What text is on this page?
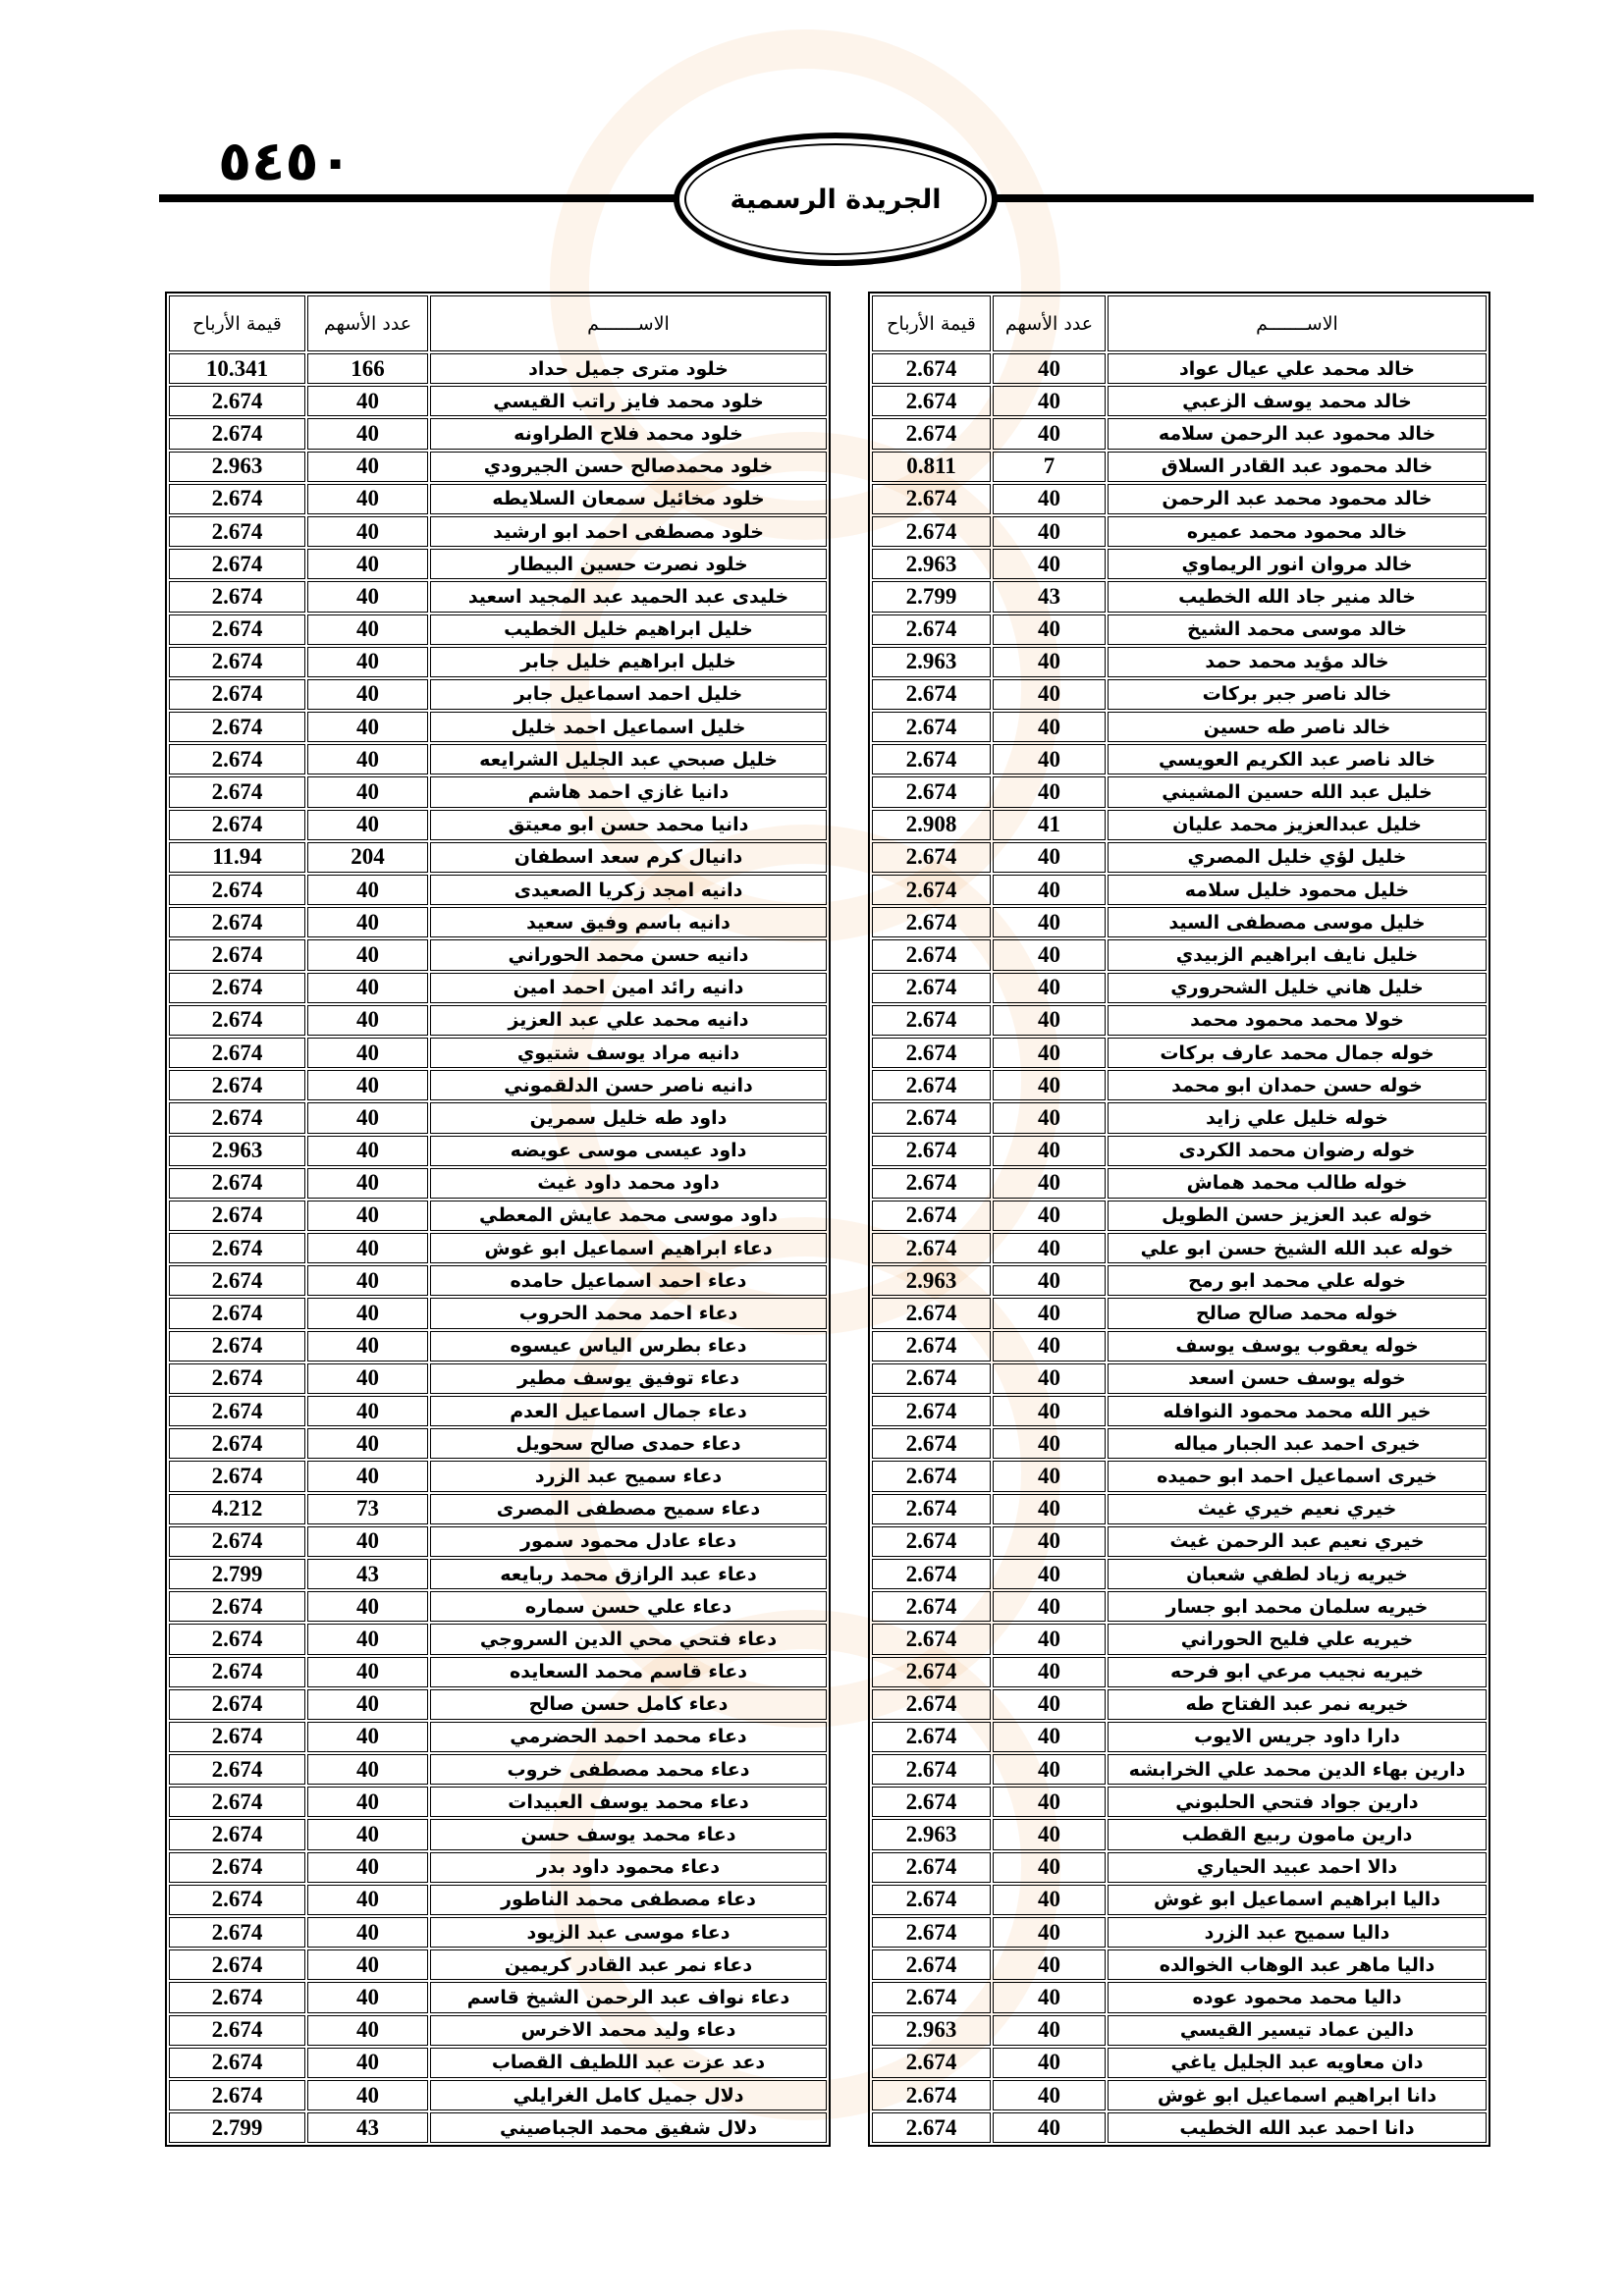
٥٤٥٠
الجريدة الرسمية
الاســـــــم	عدد الأسهم	قيمة الأرباح
خالد محمد علي عيال عواد	40	2.674
خالد محمد يوسف الزعبي	40	2.674
خالد محمود عبد الرحمن سلامه	40	2.674
خالد محمود عبد القادر السلاق	7	0.811
خالد محمود محمد عبد الرحمن	40	2.674
خالد محمود محمد عميره	40	2.674
خالد مروان انور الريماوي	40	2.963
خالد منير جاد الله الخطيب	43	2.799
خالد موسى محمد الشيخ	40	2.674
خالد مؤيد محمد حمد	40	2.963
خالد ناصر جبر بركات	40	2.674
خالد ناصر طه حسين	40	2.674
خالد ناصر عبد الكريم العويسي	40	2.674
خليل عبد الله حسين المشيني	40	2.674
خليل عبدالعزيز محمد عليان	41	2.908
خليل لؤي خليل المصري	40	2.674
خليل محمود خليل سلامه	40	2.674
خليل موسى مصطفى السيد	40	2.674
خليل نايف ابراهيم الزبيدي	40	2.674
خليل هاني خليل الشحروري	40	2.674
خولا محمد محمود محمد	40	2.674
خوله جمال محمد عارف بركات	40	2.674
خوله حسن حمدان ابو محمد	40	2.674
خوله خليل علي زايد	40	2.674
خوله رضوان محمد الكردى	40	2.674
خوله طالب محمد هماش	40	2.674
خوله عبد العزيز حسن الطويل	40	2.674
خوله عبد الله الشيخ حسن ابو علي	40	2.674
خوله علي محمد ابو رمح	40	2.963
خوله محمد صالح صالح	40	2.674
خوله يعقوب يوسف يوسف	40	2.674
خوله يوسف حسن اسعد	40	2.674
خير الله محمد محمود النوافله	40	2.674
خيرى احمد عبد الجبار مياله	40	2.674
خيرى اسماعيل احمد ابو حميده	40	2.674
خيري نعيم خيري غيث	40	2.674
خيري نعيم عبد الرحمن غيث	40	2.674
خيريه زياد لطفي شعبان	40	2.674
خيريه سلمان محمد ابو جسار	40	2.674
خيريه علي فليح الحوراني	40	2.674
خيريه نجيب مرعي ابو فرحه	40	2.674
خيريه نمر عبد الفتاح طه	40	2.674
دارا داود جريس الايوب	40	2.674
دارين بهاء الدين محمد علي الخرابشه	40	2.674
دارين جواد فتحي الحلبوني	40	2.674
دارين مامون ربيع القطب	40	2.963
دالا احمد عبيد الحياري	40	2.674
داليا ابراهيم اسماعيل ابو غوش	40	2.674
داليا سميح عبد الزرد	40	2.674
داليا ماهر عبد الوهاب الخوالده	40	2.674
داليا محمد محمود عوده	40	2.674
دالين عماد تيسير القيسي	40	2.963
دان معاويه عبد الجليل ياغي	40	2.674
دانا ابراهيم اسماعيل ابو غوش	40	2.674
دانا احمد عبد الله الخطيب	40	2.674
الاســـــــم	عدد الأسهم	قيمة الأرباح
خلود مترى جميل حداد	166	10.341
خلود محمد فايز راتب القيسي	40	2.674
خلود محمد فلاح الطراونه	40	2.674
خلود محمدصالح حسن الجيرودي	40	2.963
خلود مخائيل سمعان السلايطه	40	2.674
خلود مصطفى احمد ابو ارشيد	40	2.674
خلود نصرت حسين البيطار	40	2.674
خليدى عبد الحميد عبد المجيد اسعيد	40	2.674
خليل ابراهيم خليل الخطيب	40	2.674
خليل ابراهيم خليل جابر	40	2.674
خليل احمد اسماعيل جابر	40	2.674
خليل اسماعيل احمد خليل	40	2.674
خليل صبحي عبد الجليل الشرايعه	40	2.674
دانيا غازي احمد هاشم	40	2.674
دانيا محمد حسن ابو معيتق	40	2.674
دانيال كرم سعد اسطفان	204	11.94
دانيه امجد زكريا الصعيدى	40	2.674
دانيه باسم وفيق سعيد	40	2.674
دانيه حسن محمد الحوراني	40	2.674
دانيه رائد امين احمد امين	40	2.674
دانيه محمد علي عبد العزيز	40	2.674
دانيه مراد يوسف شتيوي	40	2.674
دانيه ناصر حسن الدلقموني	40	2.674
داود طه خليل سمرين	40	2.674
داود عيسى موسى عويضه	40	2.963
داود محمد داود غيث	40	2.674
داود موسى محمد عايش المعطي	40	2.674
دعاء ابراهيم اسماعيل ابو غوش	40	2.674
دعاء احمد اسماعيل حامده	40	2.674
دعاء احمد محمد الحروب	40	2.674
دعاء بطرس الياس عيسوه	40	2.674
دعاء توفيق يوسف مطير	40	2.674
دعاء جمال اسماعيل العدم	40	2.674
دعاء حمدى صالح سحويل	40	2.674
دعاء سميح عبد الزرد	40	2.674
دعاء سميح مصطفى المصرى	73	4.212
دعاء عادل محمود سمور	40	2.674
دعاء عبد الرازق محمد ربايعه	43	2.799
دعاء علي حسن سماره	40	2.674
دعاء فتحي محي الدين السروجي	40	2.674
دعاء قاسم محمد السعايده	40	2.674
دعاء كامل حسن صالح	40	2.674
دعاء محمد احمد الحضرمي	40	2.674
دعاء محمد مصطفى خروب	40	2.674
دعاء محمد يوسف العبيدات	40	2.674
دعاء محمد يوسف حسن	40	2.674
دعاء محمود داود بدر	40	2.674
دعاء مصطفى محمد الناطور	40	2.674
دعاء موسى عبد الزيود	40	2.674
دعاء نمر عبد القادر كريمين	40	2.674
دعاء نواف عبد الرحمن الشيخ قاسم	40	2.674
دعاء وليد محمد الاخرس	40	2.674
دعد عزت عبد اللطيف القصاب	40	2.674
دلال جميل كامل الغرايلي	40	2.674
دلال شفيق محمد الجباصيني	43	2.799
